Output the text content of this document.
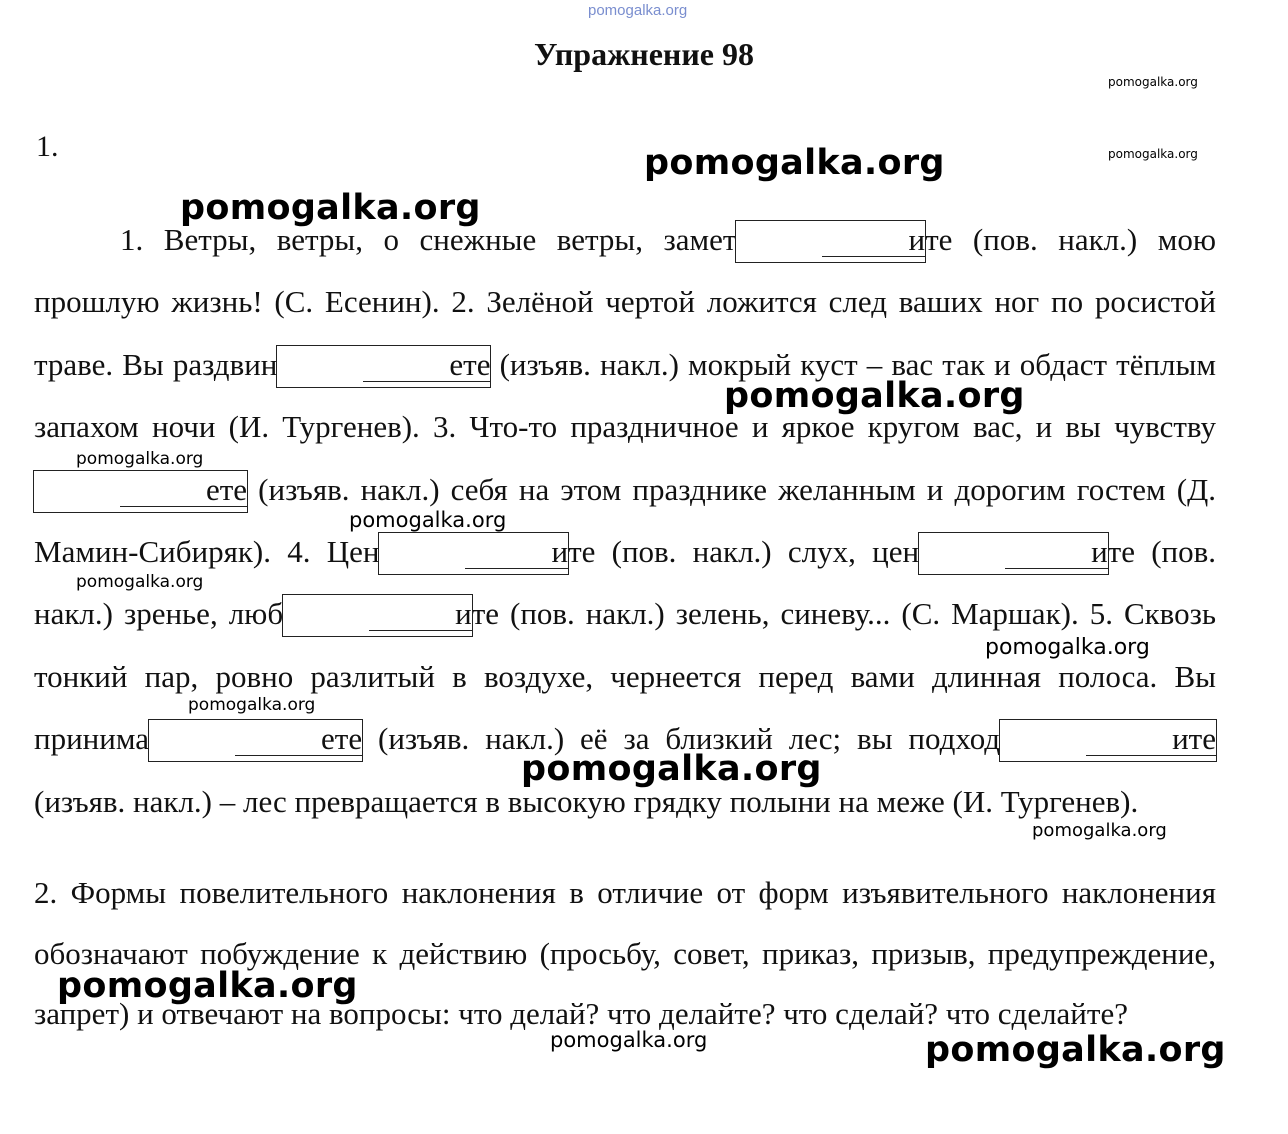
pomogalka.org
Упражнение 98
1.
1. Ветры, ветры, о снежные ветры, замет	ите (пов. накл.) мою прошлую жизнь! (С. Есенин). 2. Зелёной чертой ложится след ваших ног по росистой траве. Вы раздвин	ете (изъяв. накл.) мокрый куст – вас так и обдаст тёплым запахом ночи (И. Тургенев). 3. Что-то праздничное и яркое кругом вас, и вы чувствуете (изъяв. накл.) себя на этом празднике желанным и дорогим гостем (Д. Мамин-Сибиряк). 4. Цен	ите (пов. накл.) слух, цен	ите (пов. накл.) зренье, люб	ите (пов. накл.) зелень, синеву... (С. Маршак). 5. Сквозь тонкий пар, ровно разлитый в воздухе, чернеется перед вами длинная полоса. Вы принима	ете (изъяв. накл.) её за близкий лес; вы подход	ите (изъяв. накл.) – лес превращается в высокую грядку полыни на меже (И. Тургенев).
2. Формы повелительного наклонения в отличие от форм изъявительного наклонения обозначают побуждение к действию (просьбу, совет, приказ, призыв, предупреждение, запрет) и отвечают на вопросы: что делай? что делайте? что сделай? что сделайте?
pomogalka.org
pomogalka.org
pomogalka.org
pomogalka.org
pomogalka.org
pomogalka.org
pomogalka.org
pomogalka.org
pomogalka.org
pomogalka.org
pomogalka.org
pomogalka.org
pomogalka.org
pomogalka.org	pomogalka.org
